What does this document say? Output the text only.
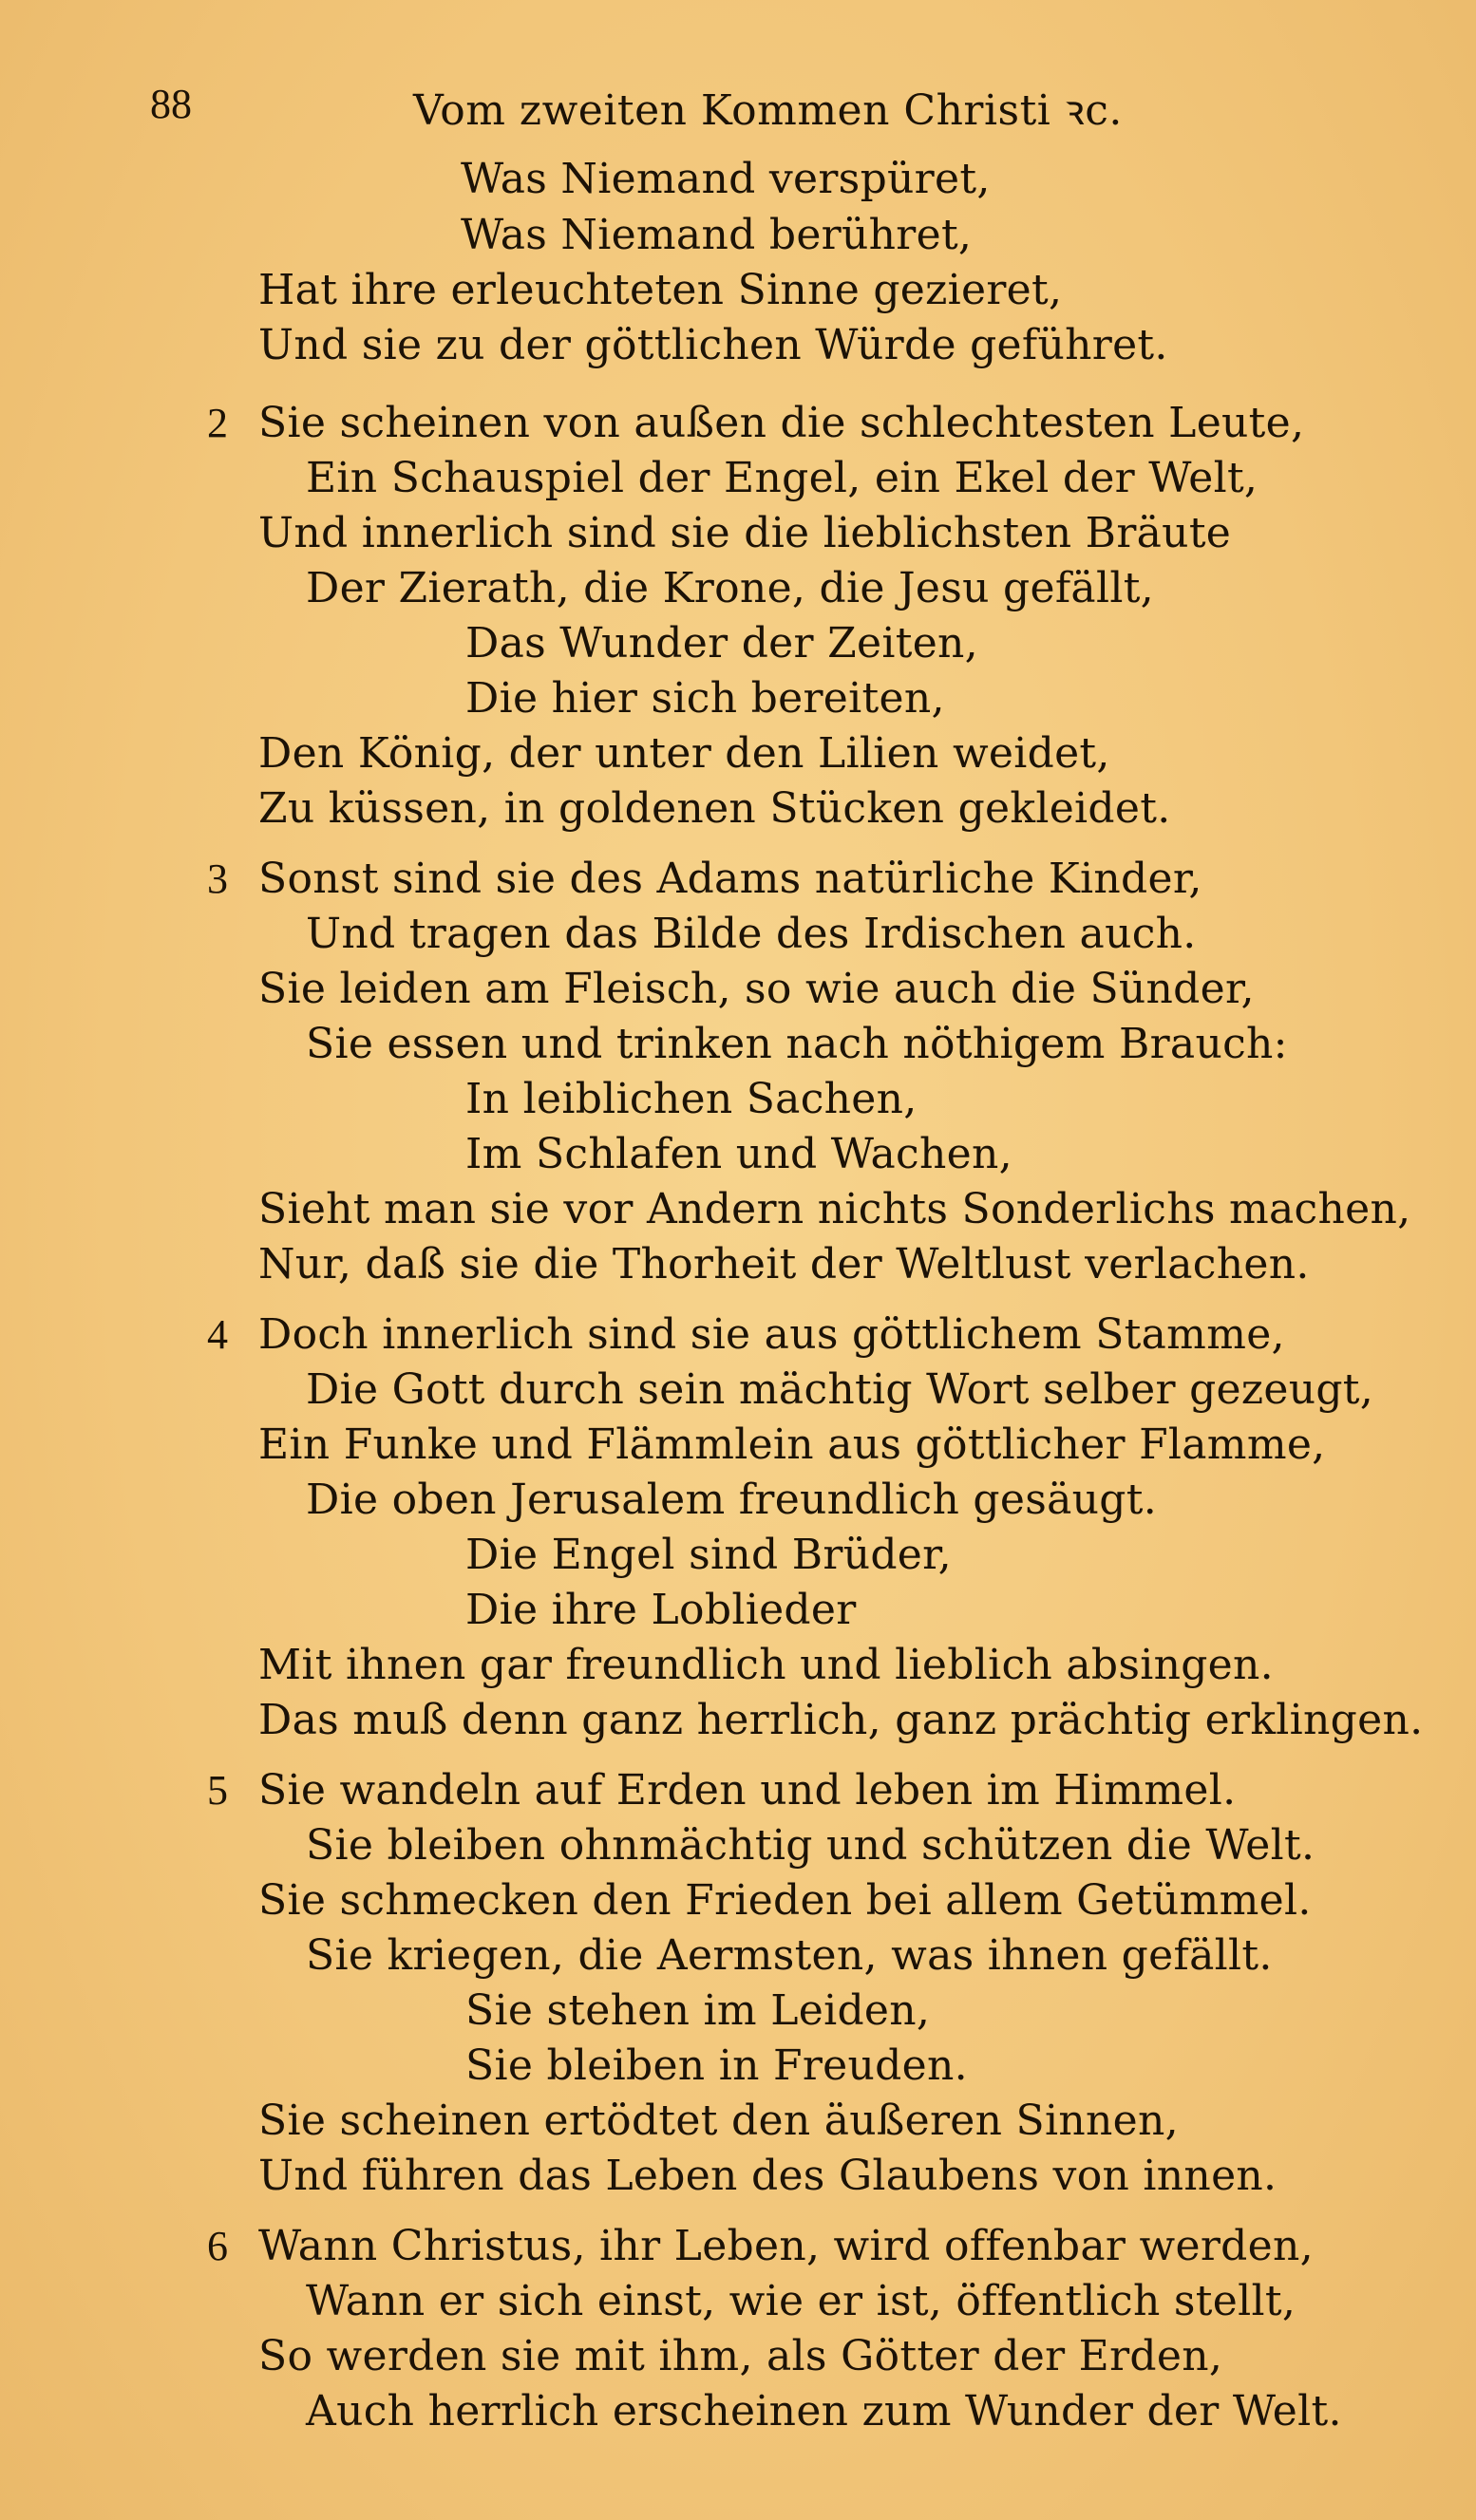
88	Vom zweiten Kommen Christi ꝛc.
Was Niemand verspüret,
Was Niemand berühret,
Hat ihre erleuchteten Sinne gezieret,
Und sie zu der göttlichen Würde geführet.
2 Sie scheinen von außen die schlechtesten Leute,
Ein Schauspiel der Engel, ein Ekel der Welt,
Und innerlich sind sie die lieblichsten Bräute
Der Zierath, die Krone, die Jesu gefällt,
Das Wunder der Zeiten,
Die hier sich bereiten,
Den König, der unter den Lilien weidet,
Zu küssen, in goldenen Stücken gekleidet.
3 Sonst sind sie des Adams natürliche Kinder,
Und tragen das Bilde des Irdischen auch.
Sie leiden am Fleisch, so wie auch die Sünder,
Sie essen und trinken nach nöthigem Brauch:
In leiblichen Sachen,
Im Schlafen und Wachen,
Sieht man sie vor Andern nichts Sonderlichs machen,
Nur, daß sie die Thorheit der Weltlust verlachen.
4 Doch innerlich sind sie aus göttlichem Stamme,
Die Gott durch sein mächtig Wort selber gezeugt,
Ein Funke und Flämmlein aus göttlicher Flamme,
Die oben Jerusalem freundlich gesäugt.
Die Engel sind Brüder,
Die ihre Loblieder
Mit ihnen gar freundlich und lieblich absingen.
Das muß denn ganz herrlich, ganz prächtig erklingen.
5 Sie wandeln auf Erden und leben im Himmel.
Sie bleiben ohnmächtig und schützen die Welt.
Sie schmecken den Frieden bei allem Getümmel.
Sie kriegen, die Aermsten, was ihnen gefällt.
Sie stehen im Leiden,
Sie bleiben in Freuden.
Sie scheinen ertödtet den äußeren Sinnen,
Und führen das Leben des Glaubens von innen.
6 Wann Christus, ihr Leben, wird offenbar werden,
Wann er sich einst, wie er ist, öffentlich stellt,
So werden sie mit ihm, als Götter der Erden,
Auch herrlich erscheinen zum Wunder der Welt.
